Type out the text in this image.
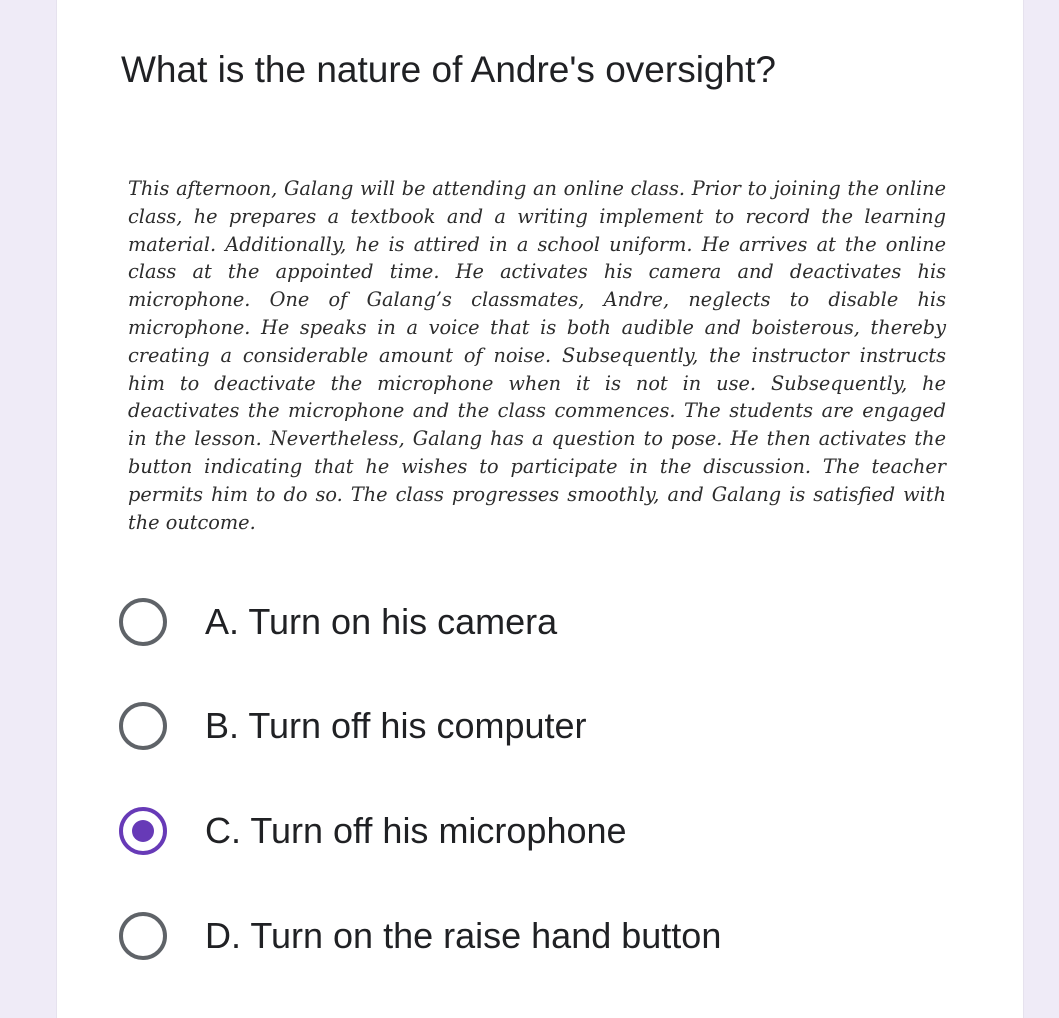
What is the nature of Andre's oversight?

This afternoon, Galang will be attending an online class. Prior to joining the online class, he prepares a textbook and a writing implement to record the learning material. Additionally, he is attired in a school uniform. He arrives at the online class at the appointed time. He activates his camera and deactivates his microphone. One of Galang’s classmates, Andre, neglects to disable his microphone. He speaks in a voice that is both audible and boisterous, thereby creating a considerable amount of noise. Subsequently, the instructor instructs him to deactivate the microphone when it is not in use. Subsequently, he deactivates the microphone and the class commences. The students are engaged in the lesson. Nevertheless, Galang has a question to pose. He then activates the button indicating that he wishes to participate in the discussion. The teacher permits him to do so. The class progresses smoothly, and Galang is satisfied with the outcome.

A. Turn on his camera
B. Turn off his computer
C. Turn off his microphone
D. Turn on the raise hand button
